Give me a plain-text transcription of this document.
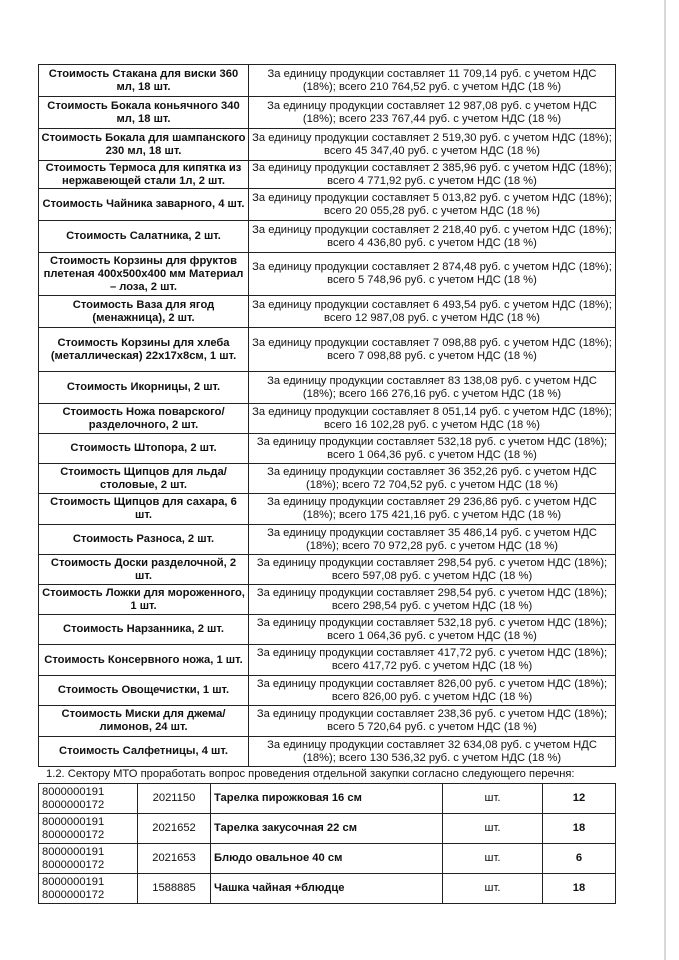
Стоимость Стакана для виски 360 мл, 18 шт.	За единицу продукции составляет 11 709,14 руб. с учетом НДС (18%); всего 210 764,52 руб. с учетом НДС (18 %)
Стоимость Бокала коньячного 340 мл, 18 шт.	За единицу продукции составляет 12 987,08 руб. с учетом НДС (18%); всего 233 767,44 руб. с учетом НДС (18 %)
Стоимость Бокала для шампанского 230 мл, 18 шт.	За единицу продукции составляет 2 519,30 руб. с учетом НДС (18%); всего 45 347,40 руб. с учетом НДС (18 %)
Стоимость Термоса для кипятка из нержавеющей стали 1л, 2 шт.	За единицу продукции составляет 2 385,96 руб. с учетом НДС (18%); всего 4 771,92 руб. с учетом НДС (18 %)
Стоимость Чайника заварного, 4 шт.	За единицу продукции составляет 5 013,82 руб. с учетом НДС (18%); всего 20 055,28 руб. с учетом НДС (18 %)
Стоимость Салатника, 2 шт.	За единицу продукции составляет 2 218,40 руб. с учетом НДС (18%); всего 4 436,80 руб. с учетом НДС (18 %)
Стоимость Корзины для фруктов плетеная 400х500х400 мм Материал – лоза, 2 шт.	За единицу продукции составляет 2 874,48 руб. с учетом НДС (18%); всего 5 748,96 руб. с учетом НДС (18 %)
Стоимость Ваза для ягод (менажница), 2 шт.	За единицу продукции составляет 6 493,54 руб. с учетом НДС (18%); всего 12 987,08 руб. с учетом НДС (18 %)
Стоимость Корзины для хлеба (металлическая) 22х17х8см, 1 шт.	За единицу продукции составляет 7 098,88 руб. с учетом НДС (18%); всего 7 098,88 руб. с учетом НДС (18 %)
Стоимость Икорницы, 2 шт.	За единицу продукции составляет 83 138,08 руб. с учетом НДС (18%); всего 166 276,16 руб. с учетом НДС (18 %)
Стоимость Ножа поварского/ разделочного, 2 шт.	За единицу продукции составляет 8 051,14 руб. с учетом НДС (18%); всего 16 102,28 руб. с учетом НДС (18 %)
Стоимость Штопора, 2 шт.	За единицу продукции составляет 532,18 руб. с учетом НДС (18%); всего 1 064,36 руб. с учетом НДС (18 %)
Стоимость Щипцов для льда/ столовые, 2 шт.	За единицу продукции составляет 36 352,26 руб. с учетом НДС (18%); всего 72 704,52 руб. с учетом НДС (18 %)
Стоимость Щипцов для сахара, 6 шт.	За единицу продукции составляет 29 236,86 руб. с учетом НДС (18%); всего 175 421,16 руб. с учетом НДС (18 %)
Стоимость Разноса, 2 шт.	За единицу продукции составляет 35 486,14 руб. с учетом НДС (18%); всего 70 972,28 руб. с учетом НДС (18 %)
Стоимость Доски разделочной, 2 шт.	За единицу продукции составляет 298,54 руб. с учетом НДС (18%); всего 597,08 руб. с учетом НДС (18 %)
Стоимость Ложки для мороженного, 1 шт.	За единицу продукции составляет 298,54 руб. с учетом НДС (18%); всего 298,54 руб. с учетом НДС (18 %)
Стоимость Нарзанника, 2 шт.	За единицу продукции составляет 532,18 руб. с учетом НДС (18%); всего 1 064,36 руб. с учетом НДС (18 %)
Стоимость Консервного ножа, 1 шт.	За единицу продукции составляет 417,72 руб. с учетом НДС (18%); всего 417,72 руб. с учетом НДС (18 %)
Стоимость Овощечистки, 1 шт.	За единицу продукции составляет 826,00 руб. с учетом НДС (18%); всего 826,00 руб. с учетом НДС (18 %)
Стоимость Миски для джема/лимонов, 24 шт.	За единицу продукции составляет 238,36 руб. с учетом НДС (18%); всего 5 720,64 руб. с учетом НДС (18 %)
Стоимость Салфетницы, 4 шт.	За единицу продукции составляет 32 634,08 руб. с учетом НДС (18%); всего 130 536,32 руб. с учетом НДС (18 %)
1.2. Сектору МТО проработать вопрос проведения отдельной закупки согласно следующего перечня:
8000000191
8000000172	2021150	Тарелка пирожковая 16 см	шт.	12

8000000191
8000000172	2021652	Тарелка закусочная 22 см	шт.	18

8000000191
8000000172	2021653	Блюдо овальное 40 см	шт.	6

8000000191
8000000172	1588885	Чашка чайная +блюдце	шт.	18
